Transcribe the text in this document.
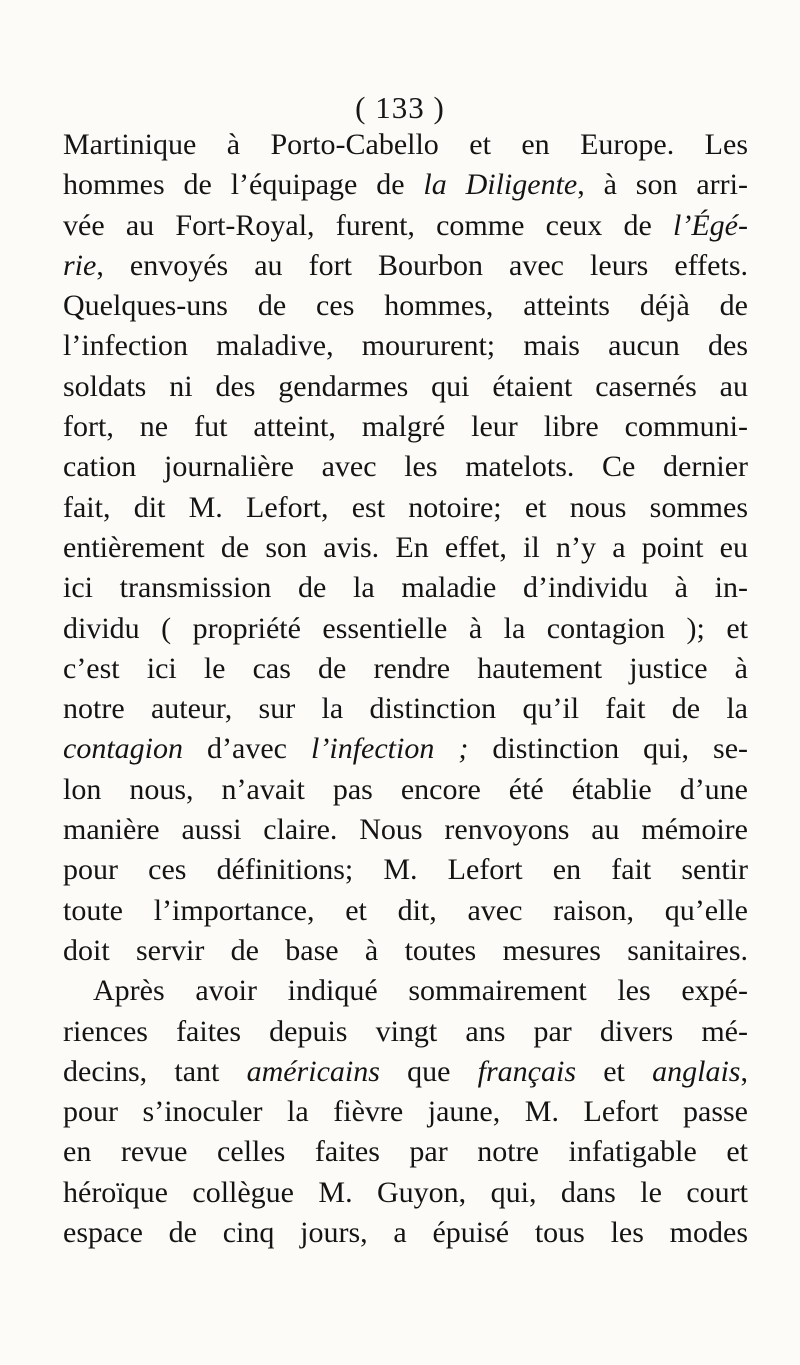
( 133 )
Martinique à Porto-Cabello et en Europe. Les
hommes de l’équipage de la Diligente, à son arri-
vée au Fort-Royal, furent, comme ceux de l’Égé-
rie, envoyés au fort Bourbon avec leurs effets.
Quelques-uns de ces hommes, atteints déjà de
l’infection maladive, moururent; mais aucun des
soldats ni des gendarmes qui étaient casernés au
fort, ne fut atteint, malgré leur libre communi-
cation journalière avec les matelots. Ce dernier
fait, dit M. Lefort, est notoire; et nous sommes
entièrement de son avis. En effet, il n’y a point eu
ici transmission de la maladie d’individu à in-
dividu ( propriété essentielle à la contagion ); et
c’est ici le cas de rendre hautement justice à
notre auteur, sur la distinction qu’il fait de la
contagion d’avec l’infection ; distinction qui, se-
lon nous, n’avait pas encore été établie d’une
manière aussi claire. Nous renvoyons au mémoire
pour ces définitions; M. Lefort en fait sentir
toute l’importance, et dit, avec raison, qu’elle
doit servir de base à toutes mesures sanitaires.
Après avoir indiqué sommairement les expé-
riences faites depuis vingt ans par divers mé-
decins, tant américains que français et anglais,
pour s’inoculer la fièvre jaune, M. Lefort passe
en revue celles faites par notre infatigable et
héroïque collègue M. Guyon, qui, dans le court
espace de cinq jours, a épuisé tous les modes
